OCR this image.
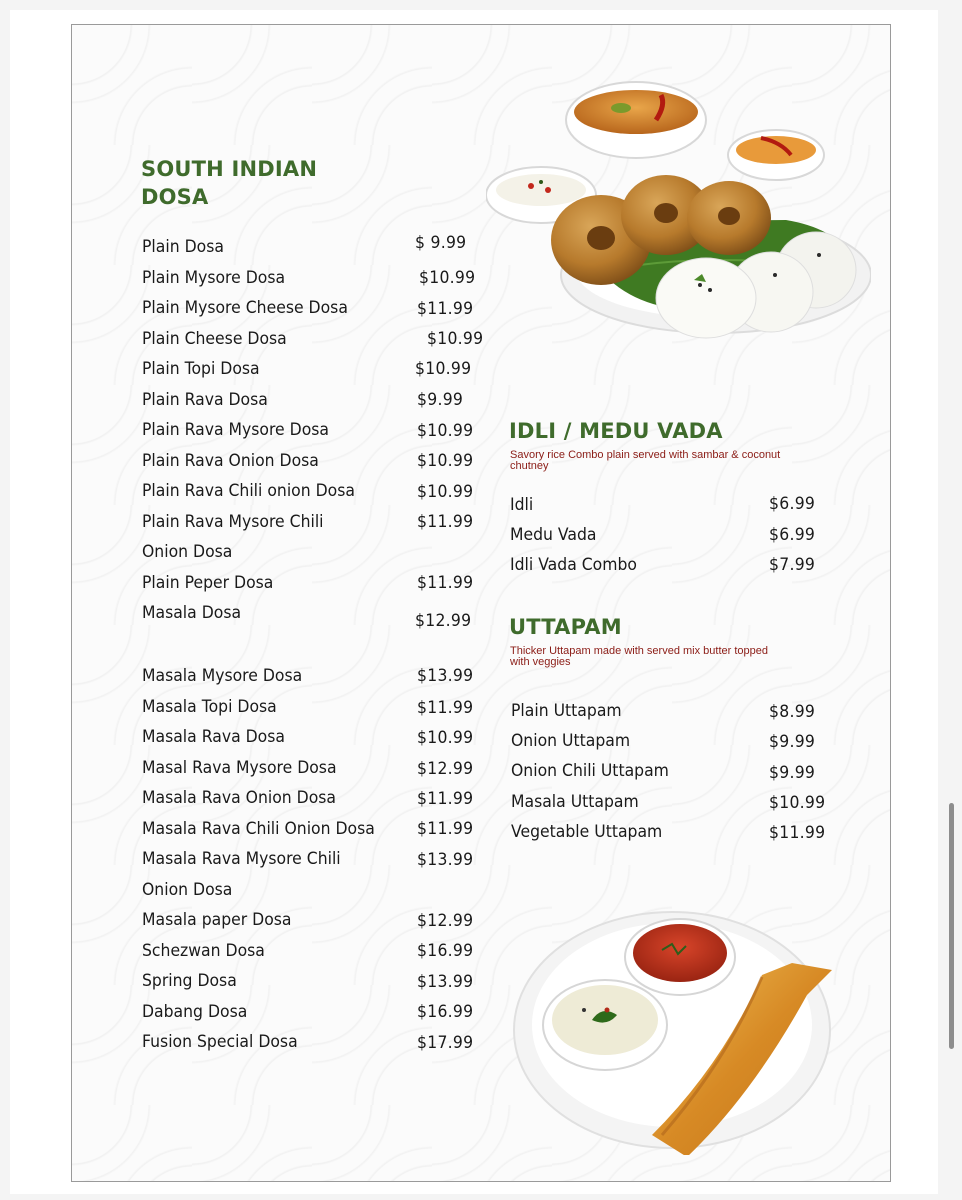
SOUTH INDIAN
DOSA
Plain Dosa	$ 9.99
Plain Mysore Dosa	$10.99
Plain Mysore Cheese Dosa	$11.99
Plain Cheese Dosa	$10.99
Plain Topi Dosa	$10.99
Plain Rava Dosa	$9.99
Plain Rava Mysore Dosa	$10.99
Plain Rava Onion Dosa	$10.99
Plain Rava Chili onion Dosa	$10.99
Plain Rava Mysore Chili	$11.99
Onion Dosa
Plain Peper Dosa	$11.99
Masala Dosa	$12.99
Masala Mysore Dosa	$13.99
Masala Topi Dosa	$11.99
Masala Rava Dosa	$10.99
Masal Rava Mysore Dosa	$12.99
Masala Rava Onion Dosa	$11.99
Masala Rava Chili Onion Dosa $11.99
Masala Rava Mysore Chili	$13.99
Onion Dosa
Masala paper Dosa	$12.99
Schezwan Dosa	$16.99
Spring Dosa	$13.99
Dabang Dosa	$16.99
Fusion Special Dosa	$17.99
IDLI / MEDU VADA
Savory rice Combo plain served with sambar & coconut
chutney
Idli	$6.99
Medu Vada	$6.99
Idli Vada Combo	$7.99
UTTAPAM
Thicker Uttapam made with served mix butter topped
with veggies
Plain Uttapam	$8.99
Onion Uttapam	$9.99
Onion Chili Uttapam	$9.99
Masala Uttapam	$10.99
Vegetable Uttapam	$11.99
